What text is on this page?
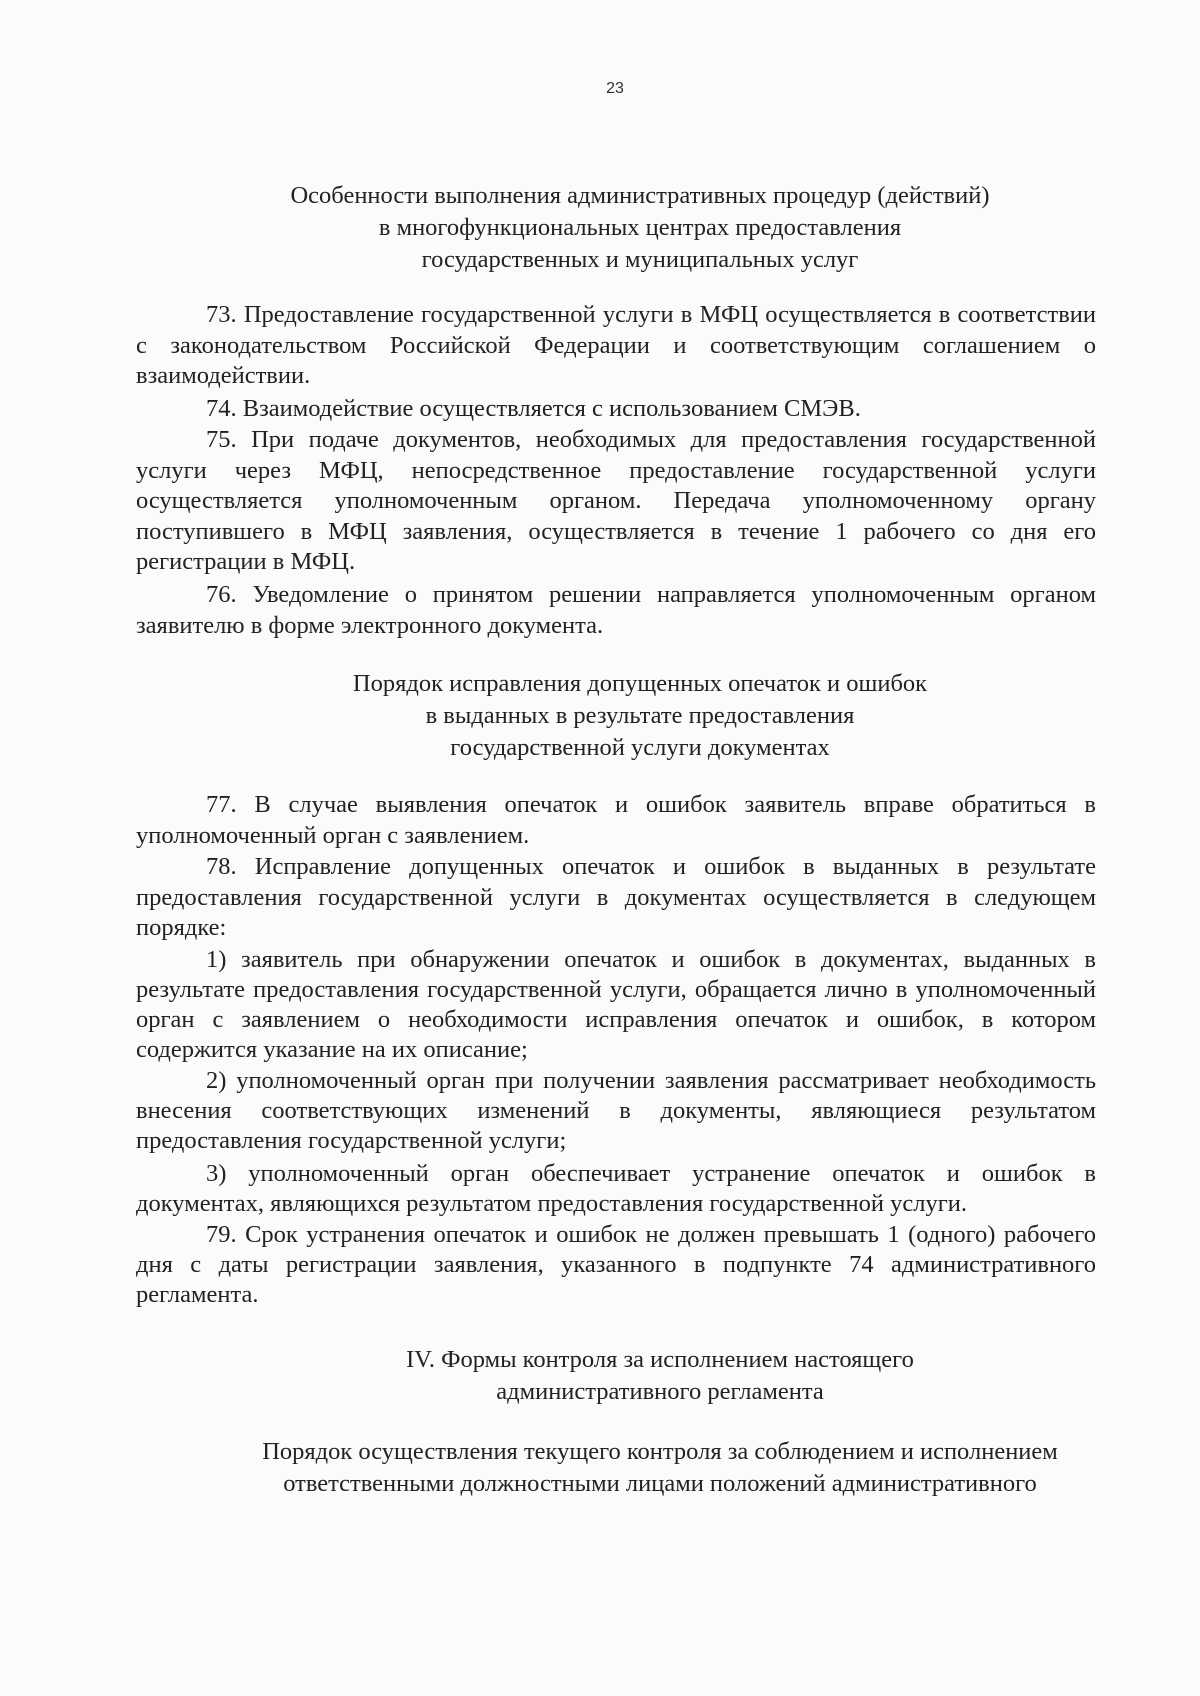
23
Особенности выполнения административных процедур (действий)
в многофункциональных центрах предоставления
государственных и муниципальных услуг
73. Предоставление государственной услуги в МФЦ осуществляется в соответствии с законодательством Российской Федерации и соответствующим соглашением о взаимодействии.
74. Взаимодействие осуществляется с использованием СМЭВ.
75. При подаче документов, необходимых для предоставления государственной услуги через МФЦ, непосредственное предоставление государственной услуги осуществляется уполномоченным органом. Передача уполномоченному органу поступившего в МФЦ заявления, осуществляется в течение 1 рабочего со дня его регистрации в МФЦ.
76. Уведомление о принятом решении направляется уполномоченным органом заявителю в форме электронного документа.
Порядок исправления допущенных опечаток и ошибок
в выданных в результате предоставления
государственной услуги документах
77. В случае выявления опечаток и ошибок заявитель вправе обратиться в уполномоченный орган с заявлением.
78. Исправление допущенных опечаток и ошибок в выданных в результате предоставления государственной услуги в документах осуществляется в следующем порядке:
1) заявитель при обнаружении опечаток и ошибок в документах, выданных в результате предоставления государственной услуги, обращается лично в уполномоченный орган с заявлением о необходимости исправления опечаток и ошибок, в котором содержится указание на их описание;
2) уполномоченный орган при получении заявления рассматривает необходимость внесения соответствующих изменений в документы, являющиеся результатом предоставления государственной услуги;
3) уполномоченный орган обеспечивает устранение опечаток и ошибок в документах, являющихся результатом предоставления государственной услуги.
79. Срок устранения опечаток и ошибок не должен превышать 1 (одного) рабочего дня с даты регистрации заявления, указанного в подпункте 74 административного регламента.
IV. Формы контроля за исполнением настоящего
административного регламента
Порядок осуществления текущего контроля за соблюдением и исполнением
ответственными должностными лицами положений административного
